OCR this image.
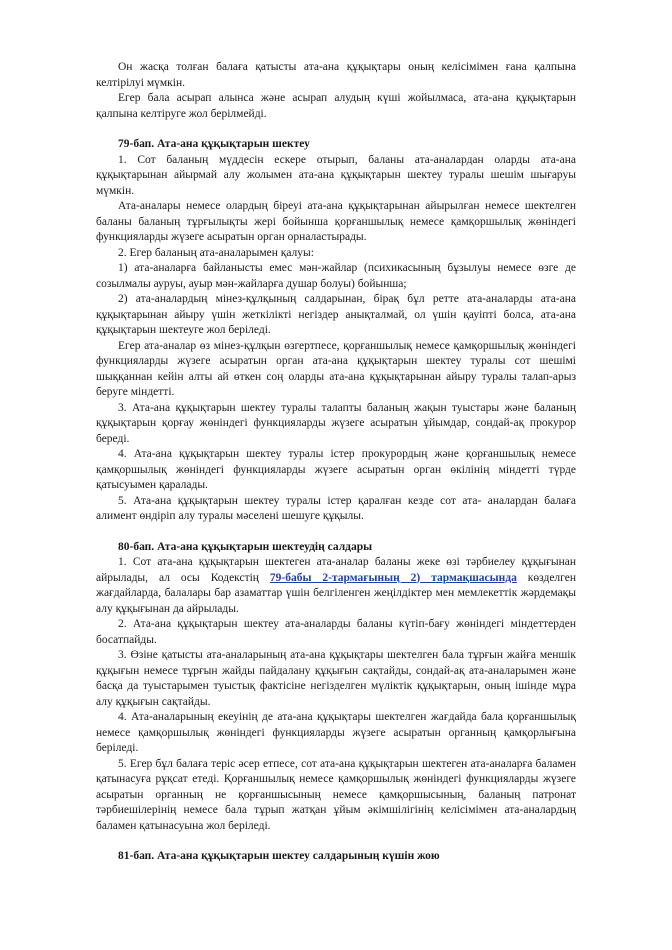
Он жасқа толған балаға қатысты ата-ана құқықтары оның келісімімен ғана қалпына келтірілуі мүмкін.

Егер бала асырап алынса және асырап алудың күші жойылмаса, ата-ана құқықтарын қалпына келтіруге жол берілмейді.

79-бап. Ата-ана құқықтарын шектеу

1. Сот баланың мүддесін ескере отырып, баланы ата-аналардан оларды ата-ана құқықтарынан айырмай алу жолымен ата-ана құқықтарын шектеу туралы шешім шығаруы мүмкін.

Ата-аналары немесе олардың біреуі ата-ана құқықтарынан айырылған немесе шектелген баланы баланың тұрғылықты жері бойынша қорғаншылық немесе қамқоршылық жөніндегі функцияларды жүзеге асыратын орган орналастырады.

2. Егер баланың ата-аналарымен қалуы:

1) ата-аналарға байланысты емес мән-жайлар (психикасының бұзылуы немесе өзге де созылмалы ауруы, ауыр мән-жайларға душар болуы) бойынша;

2) ата-аналардың мінез-құлқының салдарынан, бірақ бұл ретте ата-аналарды ата-ана құқықтарынан айыру үшін жеткілікті негіздер анықталмай, ол үшін қауіпті болса, ата-ана құқықтарын шектеуге жол беріледі.

Егер ата-аналар өз мінез-құлқын өзгертпесе, қорғаншылық немесе қамқоршылық жөніндегі функцияларды жүзеге асыратын орган ата-ана құқықтарын шектеу туралы сот шешімі шыққаннан кейін алты ай өткен соң оларды ата-ана құқықтарынан айыру туралы талап-арыз беруге міндетті.

3. Ата-ана құқықтарын шектеу туралы талапты баланың жақын туыстары және баланың құқықтарын қорғау жөніндегі функцияларды жүзеге асыратын ұйымдар, сондай-ақ прокурор береді.

4. Ата-ана құқықтарын шектеу туралы істер прокурордың және қорғаншылық немесе қамқоршылық жөніндегі функцияларды жүзеге асыратын орган өкілінің міндетті түрде қатысуымен қаралады.

5. Ата-ана құқықтарын шектеу туралы істер қаралған кезде сот ата- аналардан балаға алимент өндіріп алу туралы мәселені шешуге құқылы.

80-бап. Ата-ана құқықтарын шектеудің салдары

1. Сот ата-ана құқықтарын шектеген ата-аналар баланы жеке өзі тәрбиелеу құқығынан айрылады, ал осы Кодекстің 79-бабы 2-тармағының 2) тармақшасында көзделген жағдайларда, балалары бар азаматтар үшін белгіленген жеңілдіктер мен мемлекеттік жәрдемақы алу құқығынан да айрылады.

2. Ата-ана құқықтарын шектеу ата-аналарды баланы күтіп-бағу жөніндегі міндеттерден босатпайды.

3. Өзіне қатысты ата-аналарының ата-ана құқықтары шектелген бала тұрғын жайға меншік құқығын немесе тұрғын жайды пайдалану құқығын сақтайды, сондай-ақ ата-аналарымен және басқа да туыстарымен туыстық фактісіне негізделген мүліктік құқықтарын, оның ішінде мұра алу құқығын сақтайды.

4. Ата-аналарының екеуінің де ата-ана құқықтары шектелген жағдайда бала қорғаншылық немесе қамқоршылық жөніндегі функцияларды жүзеге асыратын органның қамқорлығына беріледі.

5. Егер бұл балаға теріс әсер етпесе, сот ата-ана құқықтарын шектеген ата-аналарға баламен қатынасуға рұқсат етеді. Қорғаншылық немесе қамқоршылық жөніндегі функцияларды жүзеге асыратын органның не қорғаншысының немесе қамқоршысының, баланың патронат тәрбиешілерінің немесе бала тұрып жатқан ұйым әкімшілігінің келісімімен ата-аналардың баламен қатынасуына жол беріледі.

81-бап. Ата-ана құқықтарын шектеу салдарының күшін жою
